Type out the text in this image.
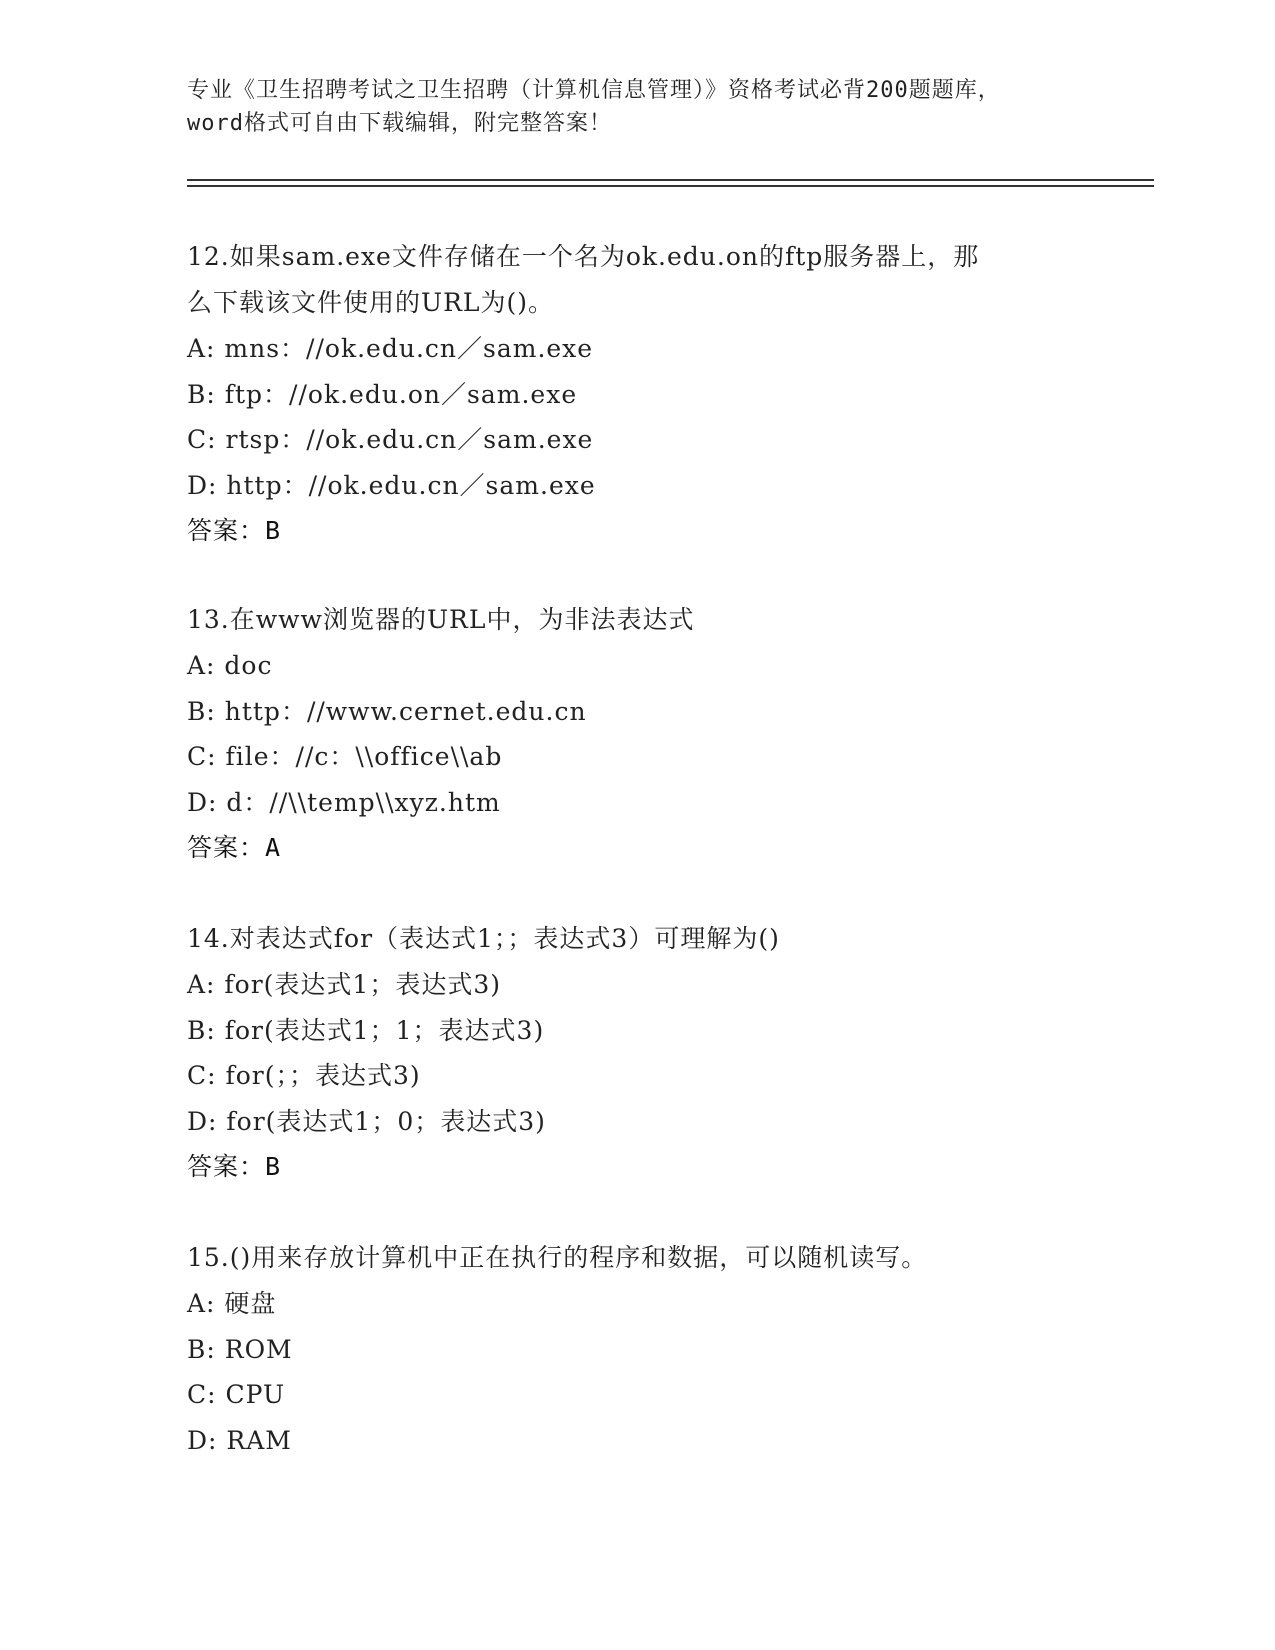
专业《卫生招聘考试之卫生招聘（计算机信息管理）》资格考试必背200题题库，

word格式可自由下载编辑，附完整答案！

12.如果sam.exe文件存储在一个名为ok.edu.on的ftp服务器上，那

么下载该文件使用的URL为()。

A: mns：//ok.edu.cn／sam.exe

B: ftp：//ok.edu.on／sam.exe

C: rtsp：//ok.edu.cn／sam.exe

D: http：//ok.edu.cn／sam.exe

答案：B

13.在www浏览器的URL中，为非法表达式

A: doc

B: http：//www.cernet.edu.cn

C: file：//c：\\office\\ab

D: d：//\\temp\\xyz.htm

答案：A

14.对表达式for（表达式1；；表达式3）可理解为()

A: for(表达式1；表达式3)

B: for(表达式1；1；表达式3)

C: for(；；表达式3)

D: for(表达式1；0；表达式3)

答案：B

15.()用来存放计算机中正在执行的程序和数据，可以随机读写。

A: 硬盘

B: ROM

C: CPU

D: RAM
